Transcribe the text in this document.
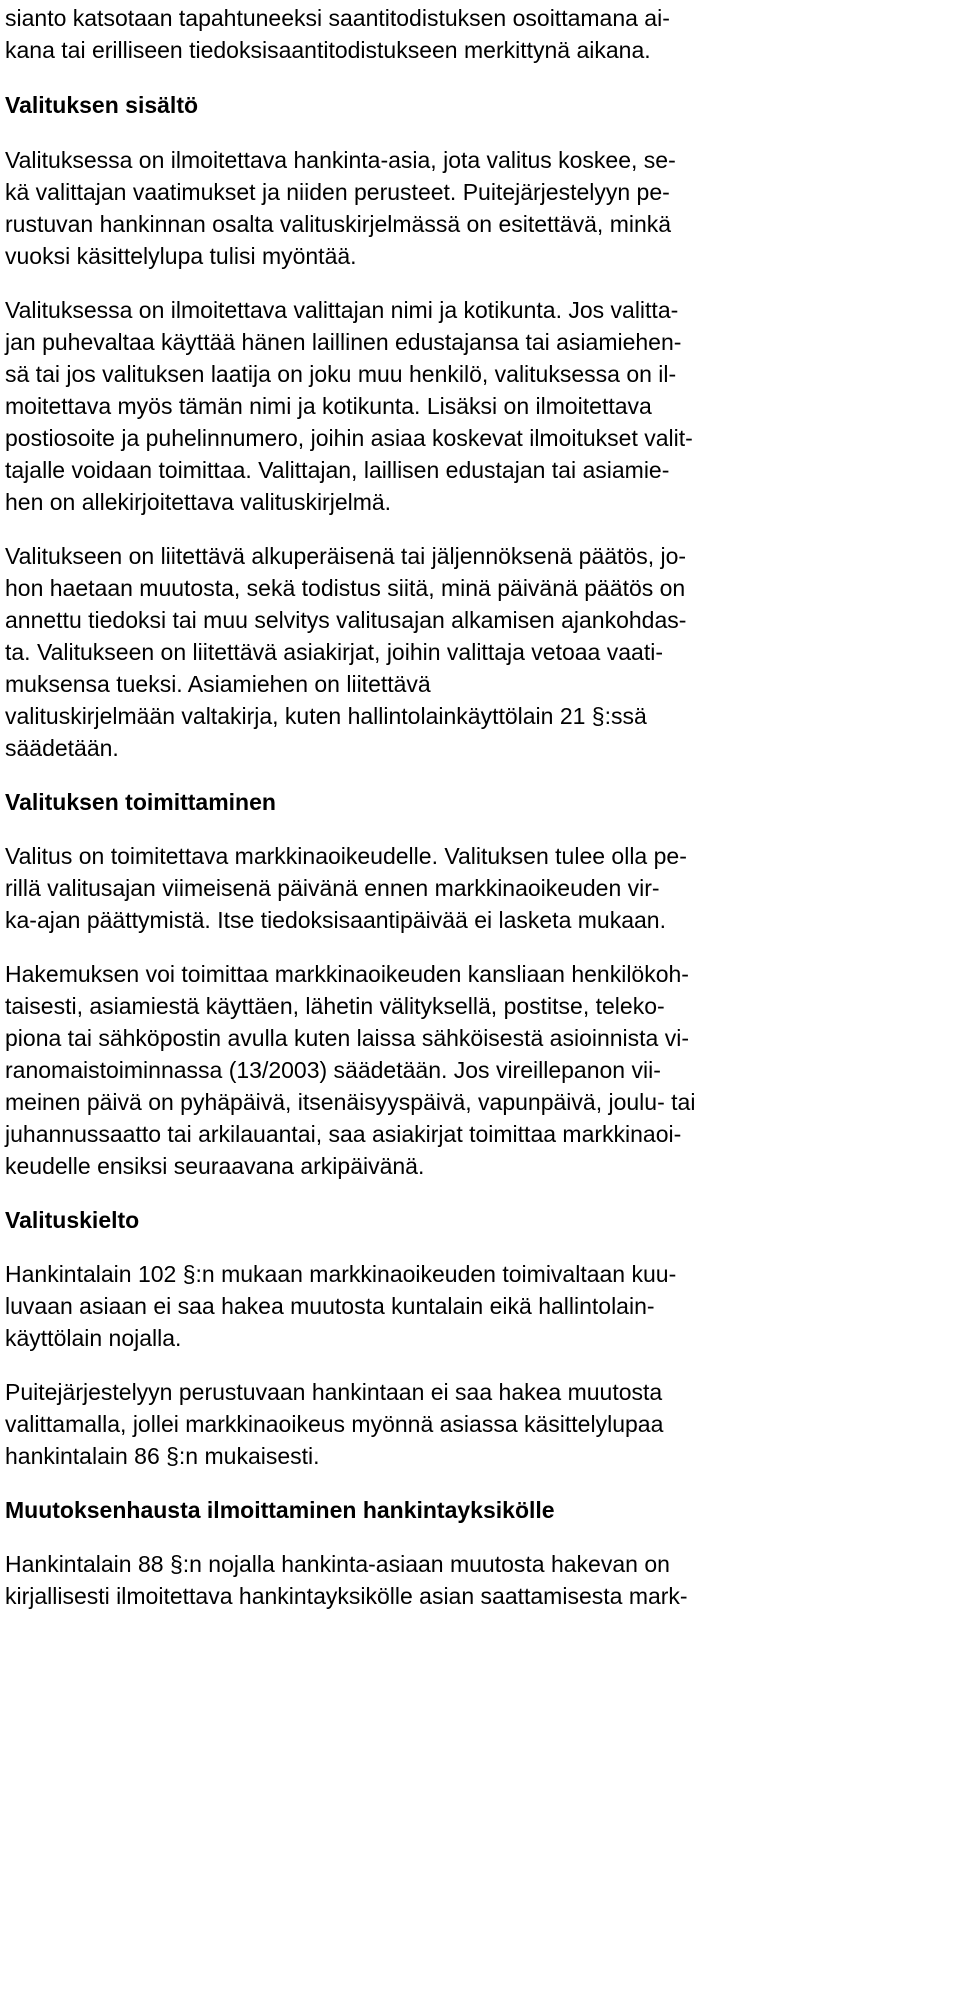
sianto katsotaan tapahtuneeksi saantitodistuksen osoittamana ai-

kana tai erilliseen tiedoksisaantitodistukseen merkittynä aikana.

Valituksen sisältö

Valituksessa on ilmoitettava hankinta-asia, jota valitus koskee, se-

kä valittajan vaatimukset ja niiden perusteet. Puitejärjestelyyn pe-

rustuvan hankinnan osalta valituskirjelmässä on esitettävä, minkä

vuoksi käsittelylupa tulisi myöntää.

Valituksessa on ilmoitettava valittajan nimi ja kotikunta. Jos valitta-

jan puhevaltaa käyttää hänen laillinen edustajansa tai asiamiehen-

sä tai jos valituksen laatija on joku muu henkilö, valituksessa on il-

moitettava myös tämän nimi ja kotikunta. Lisäksi on ilmoitettava

postiosoite ja puhelinnumero, joihin asiaa koskevat ilmoitukset valit-

tajalle voidaan toimittaa. Valittajan, laillisen edustajan tai asiamie-

hen on allekirjoitettava valituskirjelmä.

Valitukseen on liitettävä alkuperäisenä tai jäljennöksenä päätös, jo-

hon haetaan muutosta, sekä todistus siitä, minä päivänä päätös on

annettu tiedoksi tai muu selvitys valitusajan alkamisen ajankohdas-

ta. Valitukseen on liitettävä asiakirjat, joihin valittaja vetoaa vaati-

muksensa tueksi. Asiamiehen on liitettävä

valituskirjelmään valtakirja, kuten hallintolainkäyttölain 21 §:ssä

säädetään.

Valituksen toimittaminen

Valitus on toimitettava markkinaoikeudelle. Valituksen tulee olla pe-

rillä valitusajan viimeisenä päivänä ennen markkinaoikeuden vir-

ka-ajan päättymistä. Itse tiedoksisaantipäivää ei lasketa mukaan.

Hakemuksen voi toimittaa markkinaoikeuden kansliaan henkilökoh-

taisesti, asiamiestä käyttäen, lähetin välityksellä, postitse, teleko-

piona tai sähköpostin avulla kuten laissa sähköisestä asioinnista vi-

ranomaistoiminnassa (13/2003) säädetään. Jos vireillepanon vii-

meinen päivä on pyhäpäivä, itsenäisyyspäivä, vapunpäivä, joulu- tai

juhannussaatto tai arkilauantai, saa asiakirjat toimittaa markkinaoi-

keudelle ensiksi seuraavana arkipäivänä.

Valituskielto

Hankintalain 102 §:n mukaan markkinaoikeuden toimivaltaan kuu-

luvaan asiaan ei saa hakea muutosta kuntalain eikä hallintolain-

käyttölain nojalla.

Puitejärjestelyyn perustuvaan hankintaan ei saa hakea muutosta

valittamalla, jollei markkinaoikeus myönnä asiassa käsittelylupaa

hankintalain 86 §:n mukaisesti.

Muutoksenhausta ilmoittaminen hankintayksikölle

Hankintalain 88 §:n nojalla hankinta-asiaan muutosta hakevan on

kirjallisesti ilmoitettava hankintayksikölle asian saattamisesta mark-
